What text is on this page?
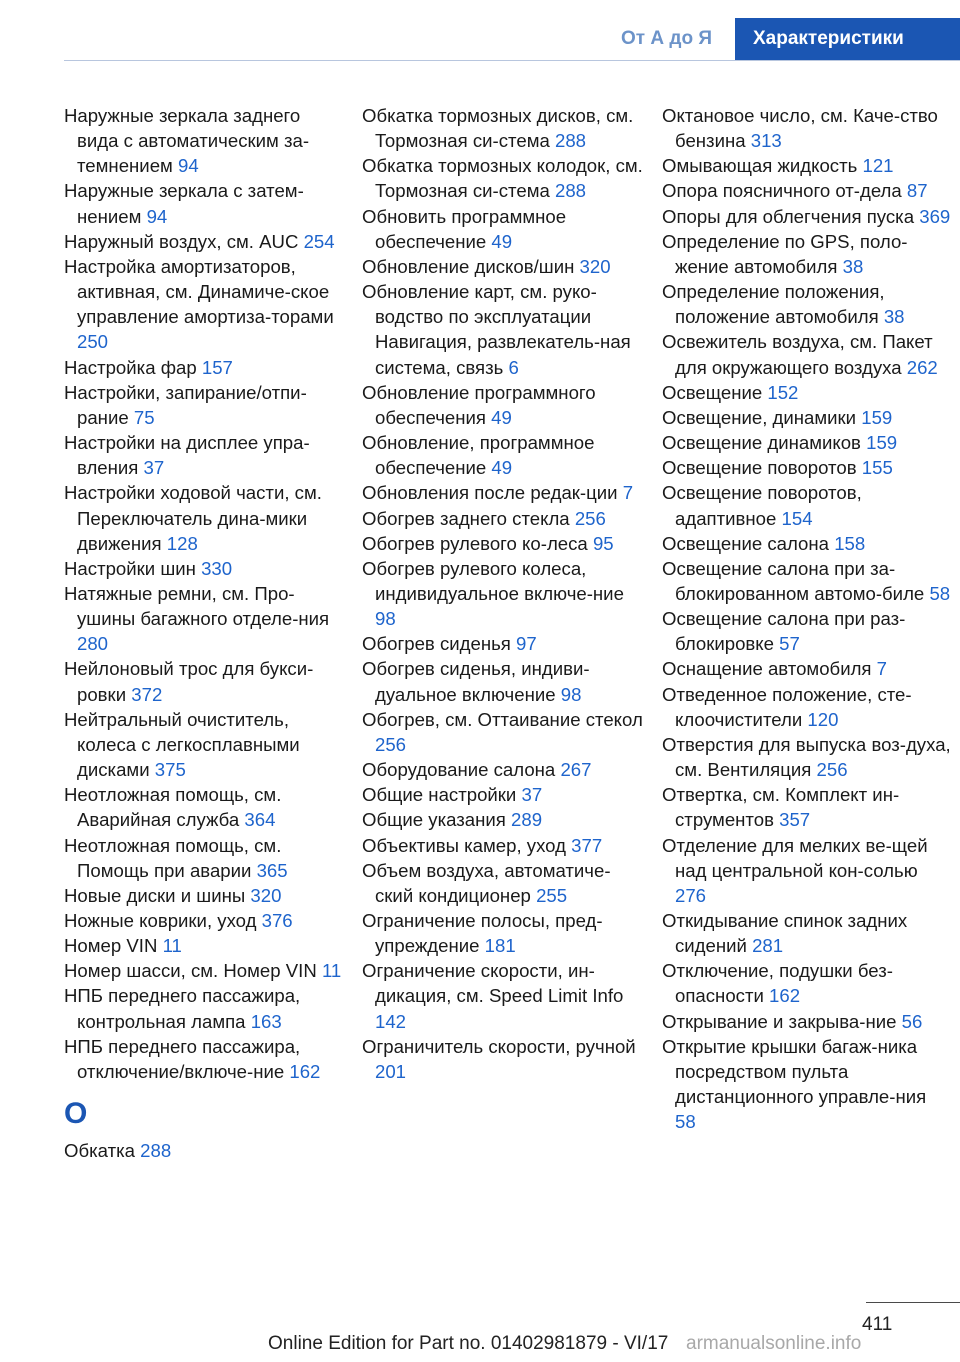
От А до Я	Характеристики

Наружные зеркала заднего вида с автоматическим за-темнением 94

Наружные зеркала с затем-нением 94

Наружный воздух, см. AUC 254

Настройка амортизаторов, активная, см. Динамиче-ское управление амортиза-торами 250

Настройка фар 157

Настройки, запирание/отпи-рание 75

Настройки на дисплее упра-вления 37

Настройки ходовой части, см. Переключатель дина-мики движения 128

Настройки шин 330

Натяжные ремни, см. Про-ушины багажного отделе-ния 280

Нейлоновый трос для букси-ровки 372

Нейтральный очиститель, колеса с легкосплавными дисками 375

Неотложная помощь, см. Аварийная служба 364

Неотложная помощь, см. Помощь при аварии 365

Новые диски и шины 320

Ножные коврики, уход 376

Номер VIN 11

Номер шасси, см. Номер VIN 11

НПБ переднего пассажира, контрольная лампа 163

НПБ переднего пассажира, отключение/включе-ние 162

О

Обкатка 288

Обкатка тормозных дисков, см. Тормозная си-стема 288

Обкатка тормозных колодок, см. Тормозная си-стема 288

Обновить программное обеспечение 49

Обновление дисков/шин 320

Обновление карт, см. руко-водство по эксплуатации Навигация, развлекатель-ная система, связь 6

Обновление программного обеспечения 49

Обновление, программное обеспечение 49

Обновления после редак-ции 7

Обогрев заднего стекла 256

Обогрев рулевого ко-леса 95

Обогрев рулевого колеса, индивидуальное включе-ние 98

Обогрев сиденья 97

Обогрев сиденья, индиви-дуальное включение 98

Обогрев, см. Оттаивание стекол 256

Оборудование салона 267

Общие настройки 37

Общие указания 289

Объективы камер, уход 377

Объем воздуха, автоматиче-ский кондиционер 255

Ограничение полосы, пред-упреждение 181

Ограничение скорости, ин-дикация, см. Speed Limit Info 142

Ограничитель скорости, ручной 201

Октановое число, см. Каче-ство бензина 313

Омывающая жидкость 121

Опора поясничного от-дела 87

Опоры для облегчения пуска 369

Определение по GPS, поло-жение автомобиля 38

Определение положения, положение автомобиля 38

Освежитель воздуха, см. Пакет для окружающего воздуха 262

Освещение 152

Освещение, динамики 159

Освещение динамиков 159

Освещение поворотов 155

Освещение поворотов, адаптивное 154

Освещение салона 158

Освещение салона при за-блокированном автомо-биле 58

Освещение салона при раз-блокировке 57

Оснащение автомобиля 7

Отведенное положение, сте-клоочистители 120

Отверстия для выпуска воз-духа, см. Вентиляция 256

Отвертка, см. Комплект ин-струментов 357

Отделение для мелких ве-щей над центральной кон-солью 276

Откидывание спинок задних сидений 281

Отключение, подушки без-опасности 162

Открывание и закрыва-ние 56

Открытие крышки багаж-ника посредством пульта дистанционного управле-ния 58

411
Online Edition for Part no. 01402981879 - VI/17 armanualsonline.info
